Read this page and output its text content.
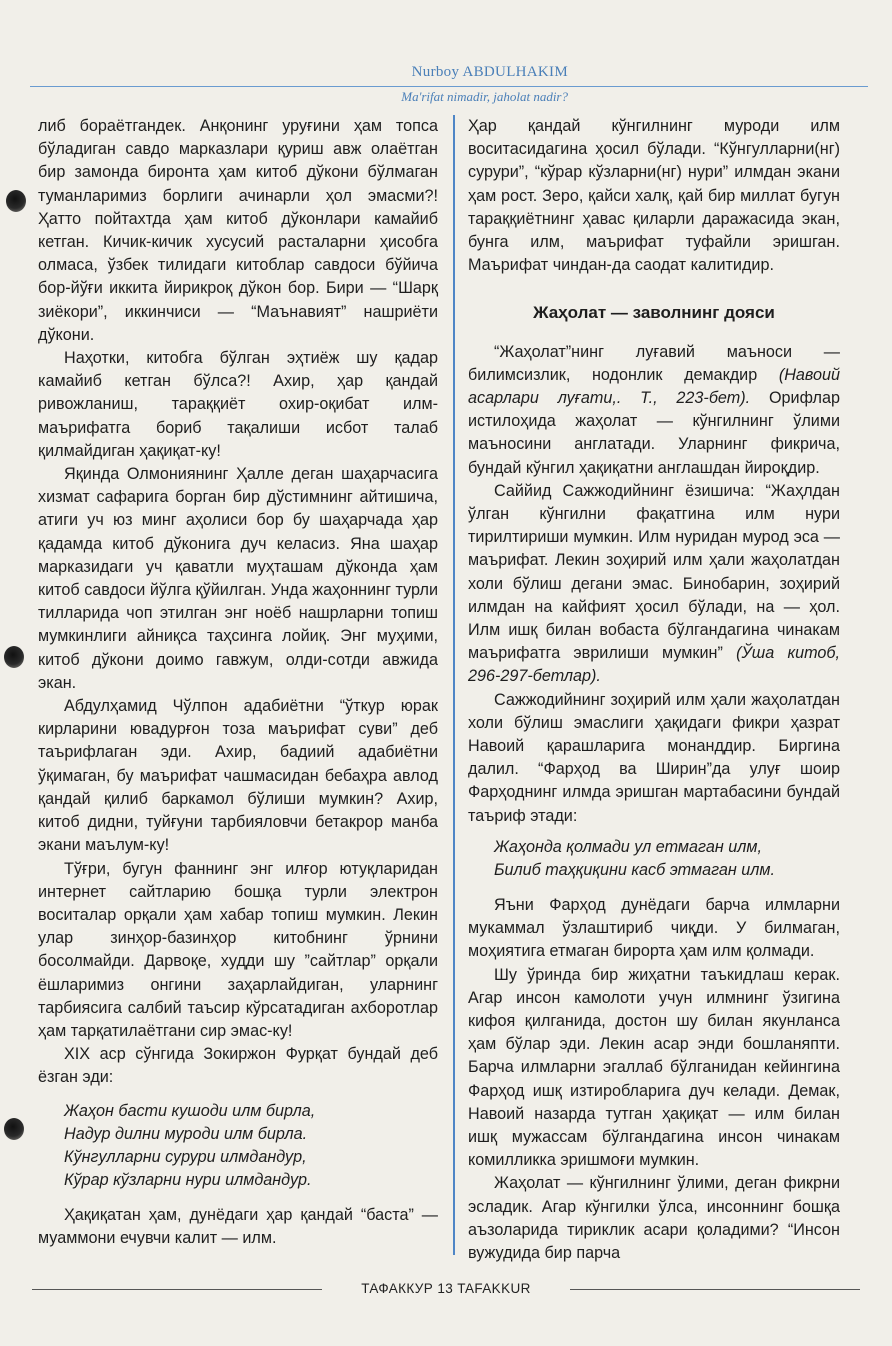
Nurboy ABDULHAKIM
Ma'rifat nimadir, jaholat nadir?

либ бораётгандек. Анқонинг уруғини ҳам топса бўладиган савдо марказлари қуриш авж олаётган бир замонда биронта ҳам китоб дўкони бўлмаган туманларимиз борлиги ачинарли ҳол эмасми?! Ҳатто пойтахтда ҳам китоб дўконлари камайиб кетган. Кичик-кичик хусусий расталарни ҳисобга олмаса, ўзбек тилидаги китоблар савдоси бўйича бор-йўғи иккита йирикроқ дўкон бор. Бири — “Шарқ зиёкори”, иккинчиси — “Маънавият” нашриёти дўкони.

Наҳотки, китобга бўлган эҳтиёж шу қадар камайиб кетган бўлса?! Ахир, ҳар қандай ривожланиш, тараққиёт охир-оқибат илм-маърифатга бориб тақалиши исбот талаб қилмайдиган ҳақиқат-ку!

Яқинда Олмониянинг Ҳалле деган шаҳарчасига хизмат сафарига борган бир дўстимнинг айтишича, атиги уч юз минг аҳолиси бор бу шаҳарчада ҳар қадамда китоб дўконига дуч келасиз. Яна шаҳар марказидаги уч қаватли муҳташам дўконда ҳам китоб савдоси йўлга қўйилган. Унда жаҳоннинг турли тилларида чоп этилган энг ноёб нашрларни топиш мумкинлиги айниқса таҳсинга лойиқ. Энг муҳими, китоб дўкони доимо гавжум, олди-сотди авжида экан.

Абдулҳамид Чўлпон адабиётни “ўткур юрак кирларини ювадурғон тоза маърифат суви” деб таърифлаган эди. Ахир, бадиий адабиётни ўқимаган, бу маърифат чашмасидан бебаҳра авлод қандай қилиб баркамол бўлиши мумкин? Ахир, китоб дидни, туйғуни тарбияловчи бетакрор манба экани маълум-ку!

Тўғри, бугун фаннинг энг илғор ютуқларидан интернет сайтларию бошқа турли электрон воситалар орқали ҳам хабар топиш мумкин. Лекин улар зинҳор-базинҳор китобнинг ўрнини босолмайди. Дарвоқе, худди шу ”сайтлар” орқали ёшларимиз онгини заҳарлайдиган, уларнинг тарбиясига салбий таъсир кўрсатадиган ахборотлар ҳам тарқатилаётгани сир эмас-ку!

XIX аср сўнгида Зокиржон Фурқат бундай деб ёзган эди:

Жаҳон басти кушоди илм бирла,
Надур дилни муроди илм бирла.
Кўнгулларни сурури илмдандур,
Кўрар кўзларни нури илмдандур.

Ҳақиқатан ҳам, дунёдаги ҳар қандай “баста” — муаммони ечувчи калит — илм.

Ҳар қандай кўнгилнинг муроди илм воситасидагина ҳосил бўлади. “Кўнгулларни(нг) сурури”, “кўрар кўзларни(нг) нури” илмдан экани ҳам рост. Зеро, қайси халқ, қай бир миллат бугун тараққиётнинг ҳавас қиларли даражасида экан, бунга илм, маърифат туфайли эришган. Маърифат чиндан-да саодат калитидир.

Жаҳолат — заволнинг дояси

“Жаҳолат”нинг луғавий маъноси — билимсизлик, нодонлик демакдир (Навоий асарлари луғати,. Т., 223-бет). Орифлар истилоҳида жаҳолат — кўнгилнинг ўлими маъносини англатади. Уларнинг фикрича, бундай кўнгил ҳақиқатни англашдан йироқдир.

Саййид Сажжодийнинг ёзишича: “Жаҳлдан ўлган кўнгилни фақатгина илм нури тирилтириши мумкин. Илм нуридан мурод эса — маърифат. Лекин зоҳирий илм ҳали жаҳолатдан холи бўлиш дегани эмас. Бинобарин, зоҳирий илмдан на кайфият ҳосил бўлади, на — ҳол. Илм ишқ билан вобаста бўлгандагина чинакам маърифатга эврилиши мумкин” (Ўша китоб, 296-297-бетлар).

Сажжодийнинг зоҳирий илм ҳали жаҳолатдан холи бўлиш эмаслиги ҳақидаги фикри ҳазрат Навоий қарашларига монанддир. Биргина далил. “Фарҳод ва Ширин”да улуғ шоир Фарҳоднинг илмда эришган мартабасини бундай таъриф этади:

Жаҳонда қолмади ул етмаган илм,
Билиб таҳқиқини касб этмаган илм.

Яъни Фарҳод дунёдаги барча илмларни мукаммал ўзлаштириб чиқди. У билмаган, моҳиятига етмаган бирорта ҳам илм қолмади.

Шу ўринда бир жиҳатни таъкидлаш керак. Агар инсон камолоти учун илмнинг ўзигина кифоя қилганида, достон шу билан якунланса ҳам бўлар эди. Лекин асар энди бошланяпти. Барча илмларни эгаллаб бўлганидан кейингина Фарҳод ишқ изтиробларига дуч келади. Демак, Навоий назарда тутган ҳақиқат — илм билан ишқ мужассам бўлгандагина инсон чинакам комилликка эришмоғи мумкин.

Жаҳолат — кўнгилнинг ўлими, деган фикрни эсладик. Агар кўнгилки ўлса, инсоннинг бошқа аъзоларида тириклик асари қоладими? “Инсон вужудида бир парча

ТАФАККУР 13 TAFAKKUR
